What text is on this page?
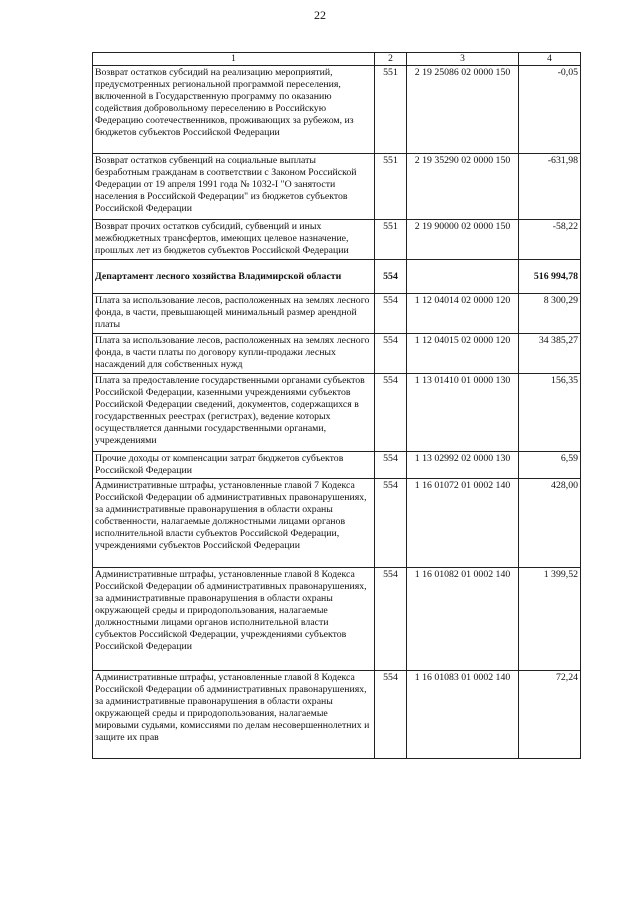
22
1	2	3	4
Возврат остатков субсидий на реализацию мероприятий, предусмотренных региональной программой переселения, включенной в Государственную программу по оказанию содействия добровольному переселению в Российскую Федерацию соотечественников, проживающих за рубежом, из бюджетов субъектов Российской Федерации	551	2 19 25086 02 0000 150	-0,05
Возврат остатков субвенций на социальные выплаты безработным гражданам в соответствии с Законом Российской Федерации от 19 апреля 1991 года № 1032-I "О занятости населения в Российской Федерации" из бюджетов субъектов Российской Федерации	551	2 19 35290 02 0000 150	-631,98
Возврат прочих остатков субсидий, субвенций и иных межбюджетных трансфертов, имеющих целевое назначение, прошлых лет из бюджетов субъектов Российской Федерации	551	2 19 90000 02 0000 150	-58,22
Департамент лесного хозяйства Владимирской области	554		516 994,78
Плата за использование лесов, расположенных на землях лесного фонда, в части, превышающей минимальный размер арендной платы	554	1 12 04014 02 0000 120	8 300,29
Плата за использование лесов, расположенных на землях лесного фонда, в части платы по договору купли-продажи лесных насаждений для собственных нужд	554	1 12 04015 02 0000 120	34 385,27
Плата за предоставление государственными органами субъектов Российской Федерации, казенными учреждениями субъектов Российской Федерации сведений, документов, содержащихся в государственных реестрах (регистрах), ведение которых осуществляется данными государственными органами, учреждениями	554	1 13 01410 01 0000 130	156,35
Прочие доходы от компенсации затрат бюджетов субъектов Российской Федерации	554	1 13 02992 02 0000 130	6,59
Административные штрафы, установленные главой 7 Кодекса Российской Федерации об административных правонарушениях, за административные правонарушения в области охраны собственности, налагаемые должностными лицами органов исполнительной власти субъектов Российской Федерации, учреждениями субъектов Российской Федерации	554	1 16 01072 01 0002 140	428,00
Административные штрафы, установленные главой 8 Кодекса Российской Федерации об административных правонарушениях, за административные правонарушения в области охраны окружающей среды и природопользования, налагаемые должностными лицами органов исполнительной власти субъектов Российской Федерации, учреждениями субъектов Российской Федерации	554	1 16 01082 01 0002 140	1 399,52
Административные штрафы, установленные главой 8 Кодекса Российской Федерации об административных правонарушениях, за административные правонарушения в области охраны окружающей среды и природопользования, налагаемые мировыми судьями, комиссиями по делам несовершеннолетних и защите их прав	554	1 16 01083 01 0002 140	72,24
